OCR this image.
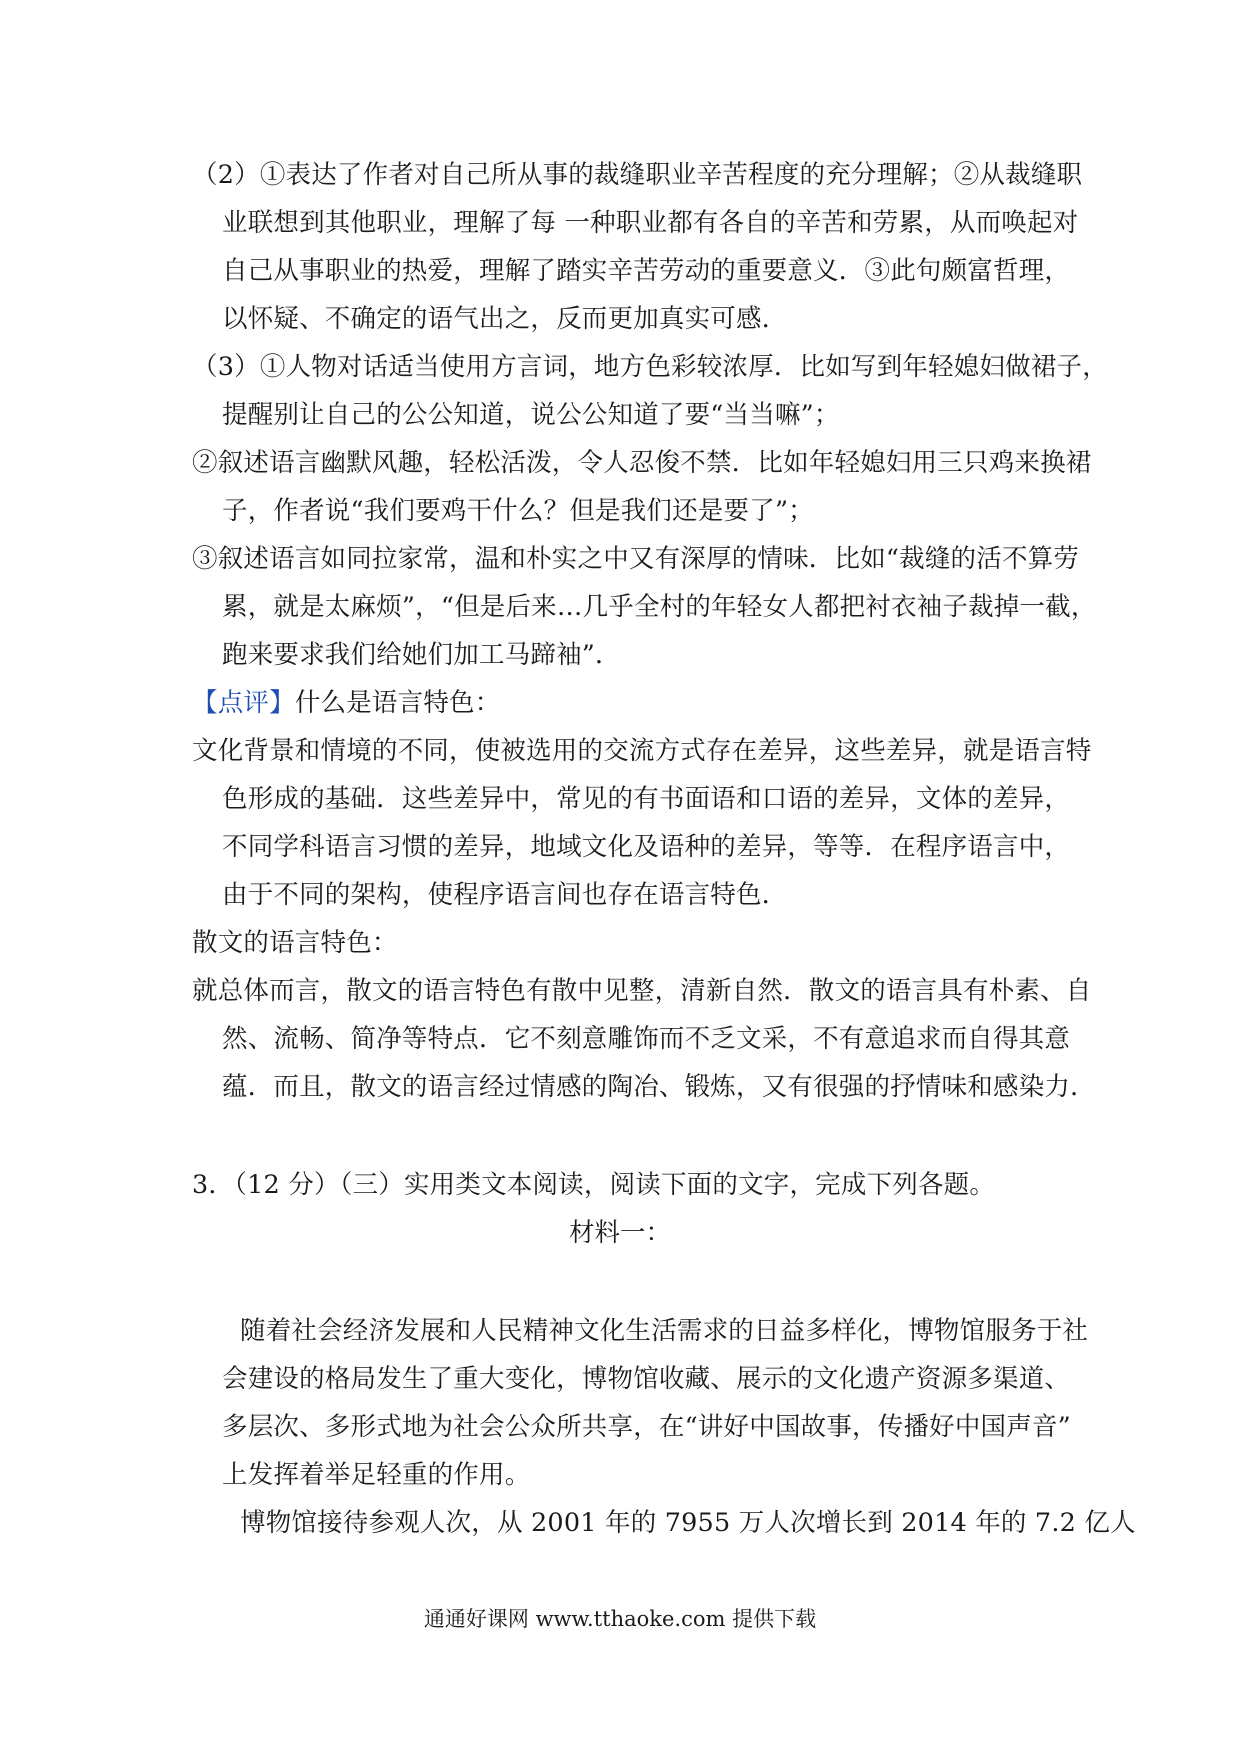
（2）①表达了作者对自己所从事的裁缝职业辛苦程度的充分理解；②从裁缝职
业联想到其他职业，理解了每 一种职业都有各自的辛苦和劳累，从而唤起对
自己从事职业的热爱，理解了踏实辛苦劳动的重要意义．③此句颇富哲理，
以怀疑、不确定的语气出之，反而更加真实可感．
（3）①人物对话适当使用方言词，地方色彩较浓厚．比如写到年轻媳妇做裙子，
提醒别让自己的公公知道，说公公知道了要“当当嘛”；
②叙述语言幽默风趣，轻松活泼，令人忍俊不禁．比如年轻媳妇用三只鸡来换裙
子，作者说“我们要鸡干什么？但是我们还是要了”；
③叙述语言如同拉家常，温和朴实之中又有深厚的情味．比如“裁缝的活不算劳
累，就是太麻烦”，“但是后来…几乎全村的年轻女人都把衬衣袖子裁掉一截，
跑来要求我们给她们加工马蹄袖”．
【点评】什么是语言特色：
文化背景和情境的不同，使被选用的交流方式存在差异，这些差异，就是语言特
色形成的基础．这些差异中，常见的有书面语和口语的差异，文体的差异，
不同学科语言习惯的差异，地域文化及语种的差异，等等．在程序语言中，
由于不同的架构，使程序语言间也存在语言特色．
散文的语言特色：
就总体而言，散文的语言特色有散中见整，清新自然．散文的语言具有朴素、自
然、流畅、简净等特点．它不刻意雕饰而不乏文采，不有意追求而自得其意
蕴．而且，散文的语言经过情感的陶冶、锻炼，又有很强的抒情味和感染力．
3．（12 分）（三）实用类文本阅读，阅读下面的文字，完成下列各题。
材料一：
随着社会经济发展和人民精神文化生活需求的日益多样化，博物馆服务于社
会建设的格局发生了重大变化，博物馆收藏、展示的文化遗产资源多渠道、
多层次、多形式地为社会公众所共享，在“讲好中国故事，传播好中国声音”
上发挥着举足轻重的作用。
博物馆接待参观人次，从 2001 年的 7955 万人次增长到 2014 年的 7.2 亿人
通通好课网 www.tthaoke.com 提供下载
